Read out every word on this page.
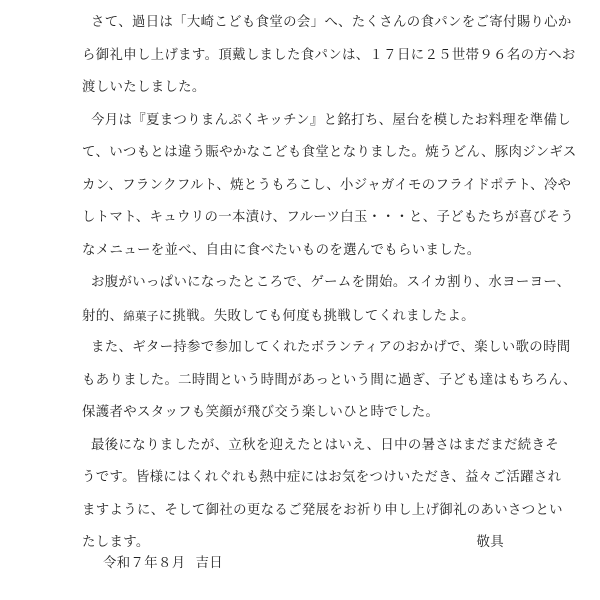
さて、過日は「大崎こども食堂の会」へ、たくさんの食パンをご寄付賜り心か
ら御礼申し上げます。頂戴しました食パンは、１７日に２５世帯９６名の方へお
渡しいたしました。
今月は『夏まつりまんぷくキッチン』と銘打ち、屋台を模したお料理を準備し
て、いつもとは違う賑やかなこども食堂となりました。焼うどん、豚肉ジンギス
カン、フランクフルト、焼とうもろこし、小ジャガイモのフライドポテト、冷や
しトマト、キュウリの一本漬け、フルーツ白玉・・・と、子どもたちが喜びそう
なメニューを並べ、自由に食べたいものを選んでもらいました。
お腹がいっぱいになったところで、ゲームを開始。スイカ割り、水ヨーヨー、
射的、綿菓子に挑戦。失敗しても何度も挑戦してくれましたよ。
また、ギター持参で参加してくれたボランティアのおかげで、楽しい歌の時間
もありました。二時間という時間があっという間に過ぎ、子ども達はもちろん、
保護者やスタッフも笑顔が飛び交う楽しいひと時でした。
最後になりましたが、立秋を迎えたとはいえ、日中の暑さはまだまだ続きそ
うです。皆様にはくれぐれも熱中症にはお気をつけいただき、益々ご活躍され
ますように、そして御社の更なるご発展をお祈り申し上げ御礼のあいさつとい
たします。	敬具
令和７年８月 吉日
